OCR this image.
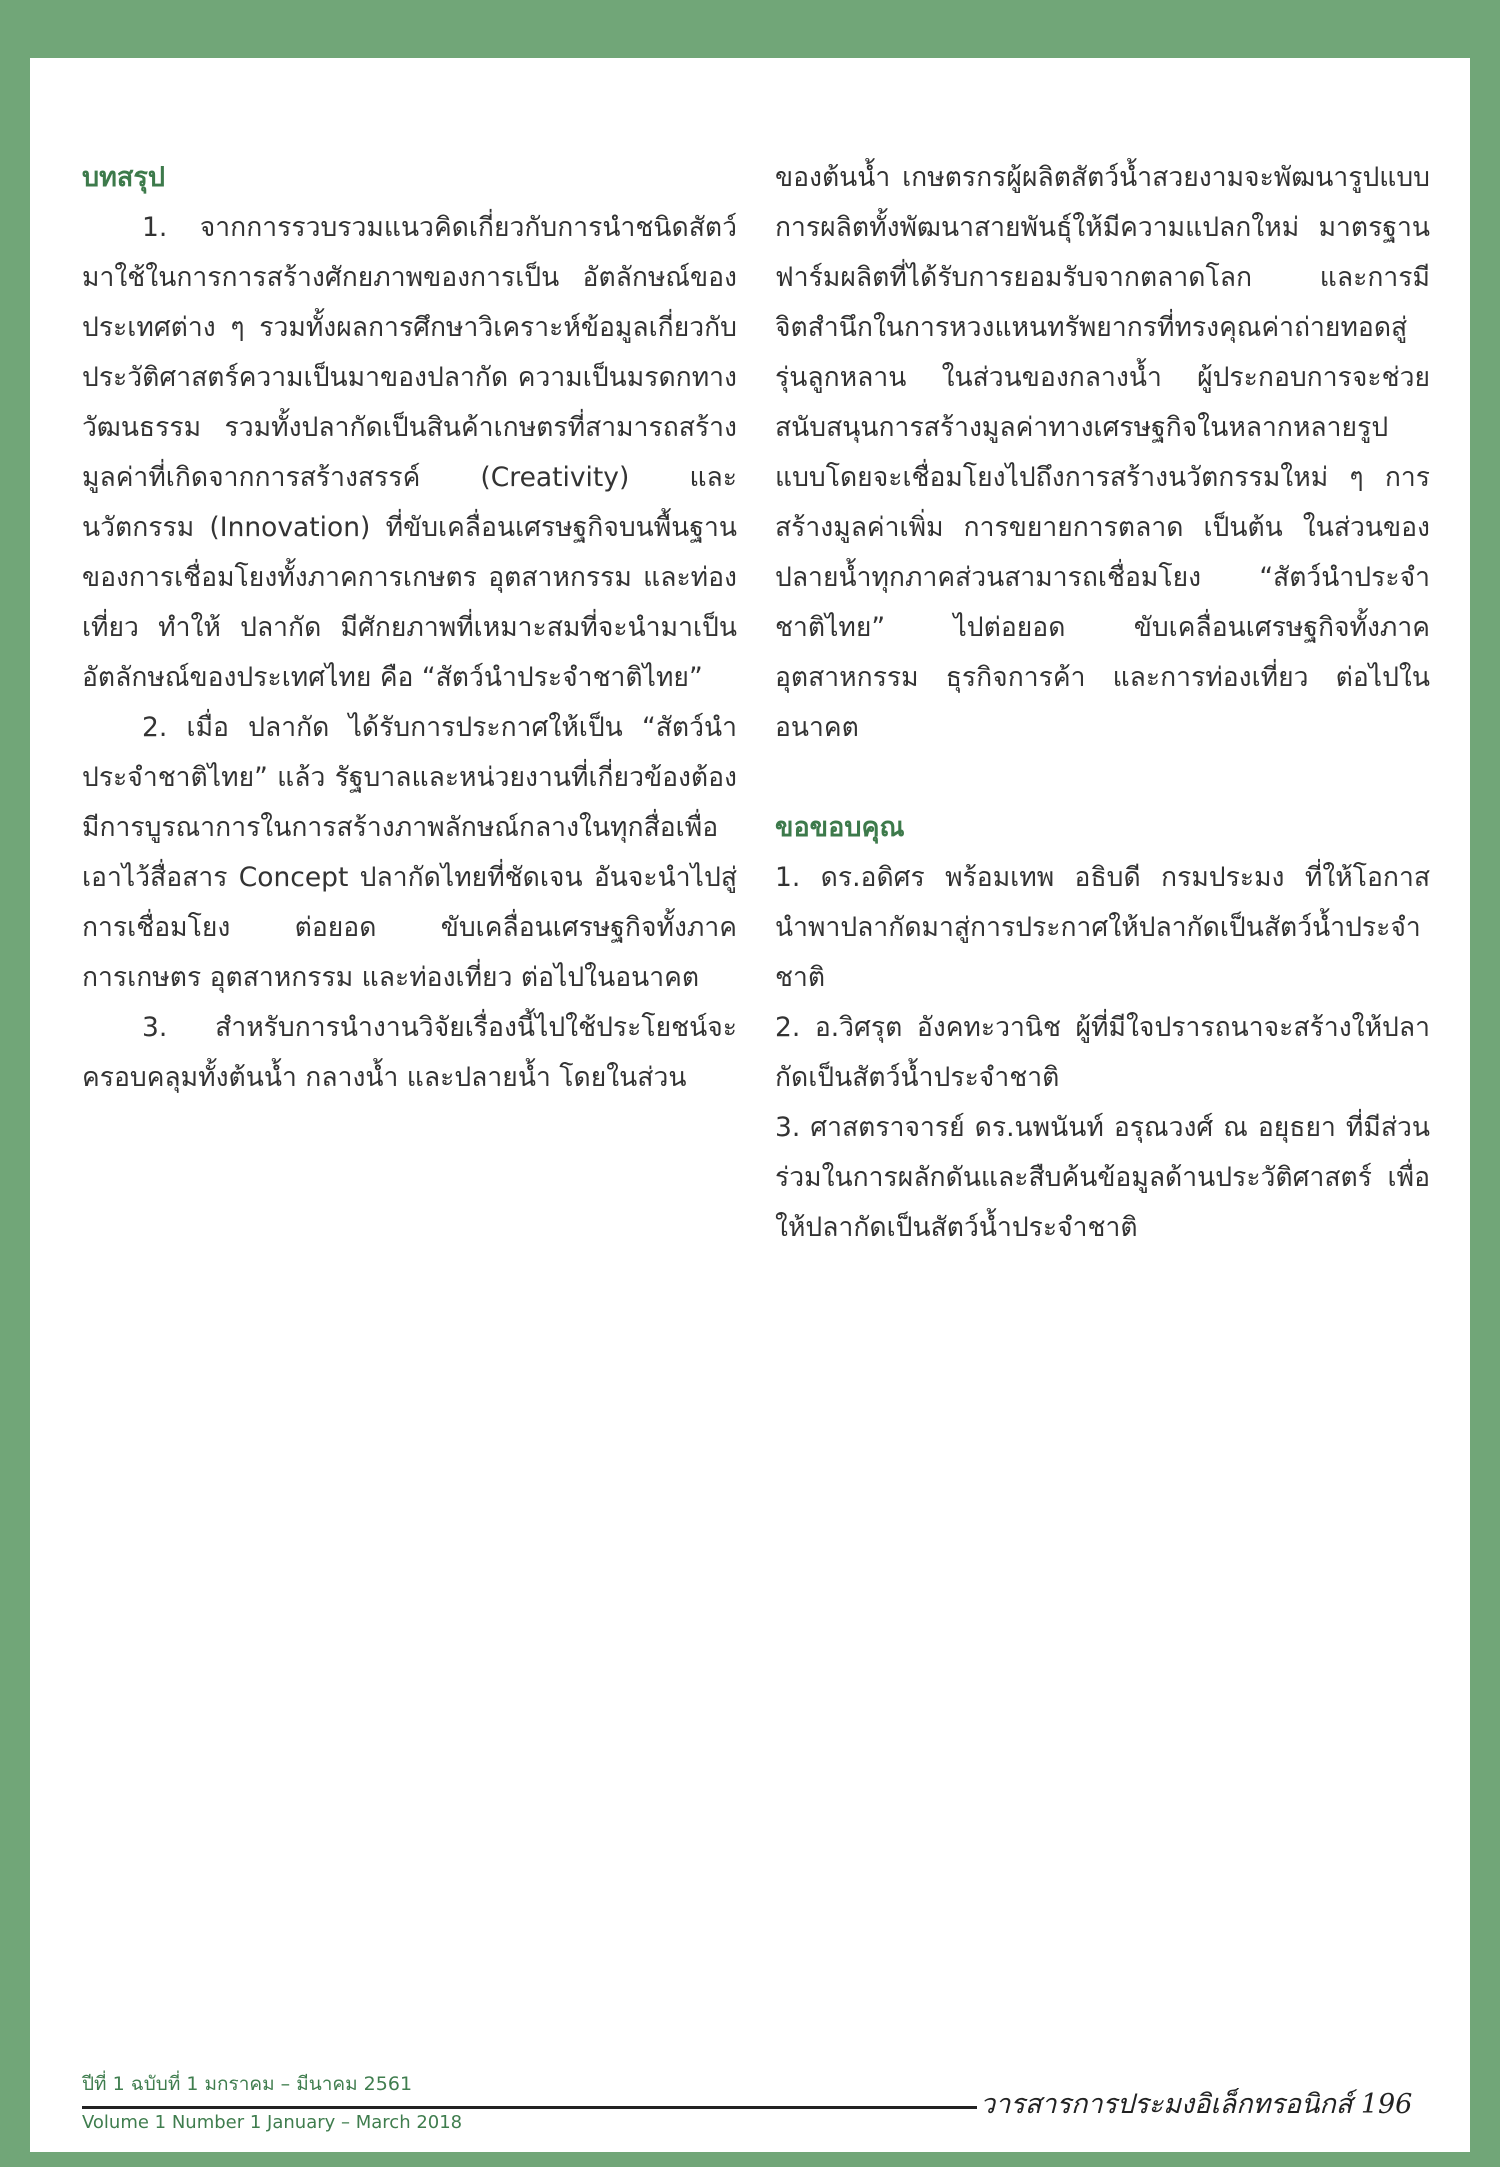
บทสรุป

1. จากการรวบรวมแนวคิดเกี่ยวกับการนำชนิดสัตว์มาใช้ในการการสร้างศักยภาพของการเป็น อัตลักษณ์ของประเทศต่าง ๆ รวมทั้งผลการศึกษาวิเคราะห์ข้อมูลเกี่ยวกับ ประวัติศาสตร์ความเป็นมาของปลากัด ความเป็นมรดกทางวัฒนธรรม รวมทั้งปลากัดเป็นสินค้าเกษตรที่สามารถสร้างมูลค่าที่เกิดจากการสร้างสรรค์ (Creativity) และนวัตกรรม (Innovation) ที่ขับเคลื่อนเศรษฐกิจบนพื้นฐานของการเชื่อมโยงทั้งภาคการเกษตร อุตสาหกรรม และท่องเที่ยว ทำให้ ปลากัด มีศักยภาพที่เหมาะสมที่จะนำมาเป็นอัตลักษณ์ของประเทศไทย คือ “สัตว์นำประจำชาติไทย”

2. เมื่อ ปลากัด ได้รับการประกาศให้เป็น “สัตว์นำประจำชาติไทย” แล้ว รัฐบาลและหน่วยงานที่เกี่ยวข้องต้องมีการบูรณาการในการสร้างภาพลักษณ์กลางในทุกสื่อเพื่อเอาไว้สื่อสาร Concept ปลากัดไทยที่ชัดเจน อันจะนำไปสู่การเชื่อมโยง ต่อยอด ขับเคลื่อนเศรษฐกิจทั้งภาคการเกษตร อุตสาหกรรม และท่องเที่ยว ต่อไปในอนาคต

3. สำหรับการนำงานวิจัยเรื่องนี้ไปใช้ประโยชน์จะครอบคลุมทั้งต้นน้ำ กลางน้ำ และปลายน้ำ โดยในส่วน

ของต้นน้ำ เกษตรกรผู้ผลิตสัตว์น้ำสวยงามจะพัฒนารูปแบบการผลิตทั้งพัฒนาสายพันธุ์ให้มีความแปลกใหม่ มาตรฐานฟาร์มผลิตที่ได้รับการยอมรับจากตลาดโลก และการมีจิตสำนึกในการหวงแหนทรัพยากรที่ทรงคุณค่าถ่ายทอดสู่รุ่นลูกหลาน ในส่วนของกลางน้ำ ผู้ประกอบการจะช่วยสนับสนุนการสร้างมูลค่าทางเศรษฐกิจในหลากหลายรูปแบบโดยจะเชื่อมโยงไปถึงการสร้างนวัตกรรมใหม่ ๆ การสร้างมูลค่าเพิ่ม การขยายการตลาด เป็นต้น ในส่วนของปลายน้ำทุกภาคส่วนสามารถเชื่อมโยง “สัตว์นำประจำชาติไทย” ไปต่อยอด ขับเคลื่อนเศรษฐกิจทั้งภาคอุตสาหกรรม ธุรกิจการค้า และการท่องเที่ยว ต่อไปในอนาคต

ขอขอบคุณ

1. ดร.อดิศร พร้อมเทพ อธิบดี กรมประมง ที่ให้โอกาสนำพาปลากัดมาสู่การประกาศให้ปลากัดเป็นสัตว์น้ำประจำชาติ

2. อ.วิศรุต อังคทะวานิช ผู้ที่มีใจปรารถนาจะสร้างให้ปลากัดเป็นสัตว์น้ำประจำชาติ

3. ศาสตราจารย์ ดร.นพนันท์ อรุณวงศ์ ณ อยุธยา ที่มีส่วนร่วมในการผลักดันและสืบค้นข้อมูลด้านประวัติศาสตร์ เพื่อให้ปลากัดเป็นสัตว์น้ำประจำชาติ

ปีที่ 1 ฉบับที่ 1 มกราคม – มีนาคม 2561
วารสารการประมงอิเล็กทรอนิกส์ 196
Volume 1 Number 1 January – March 2018
